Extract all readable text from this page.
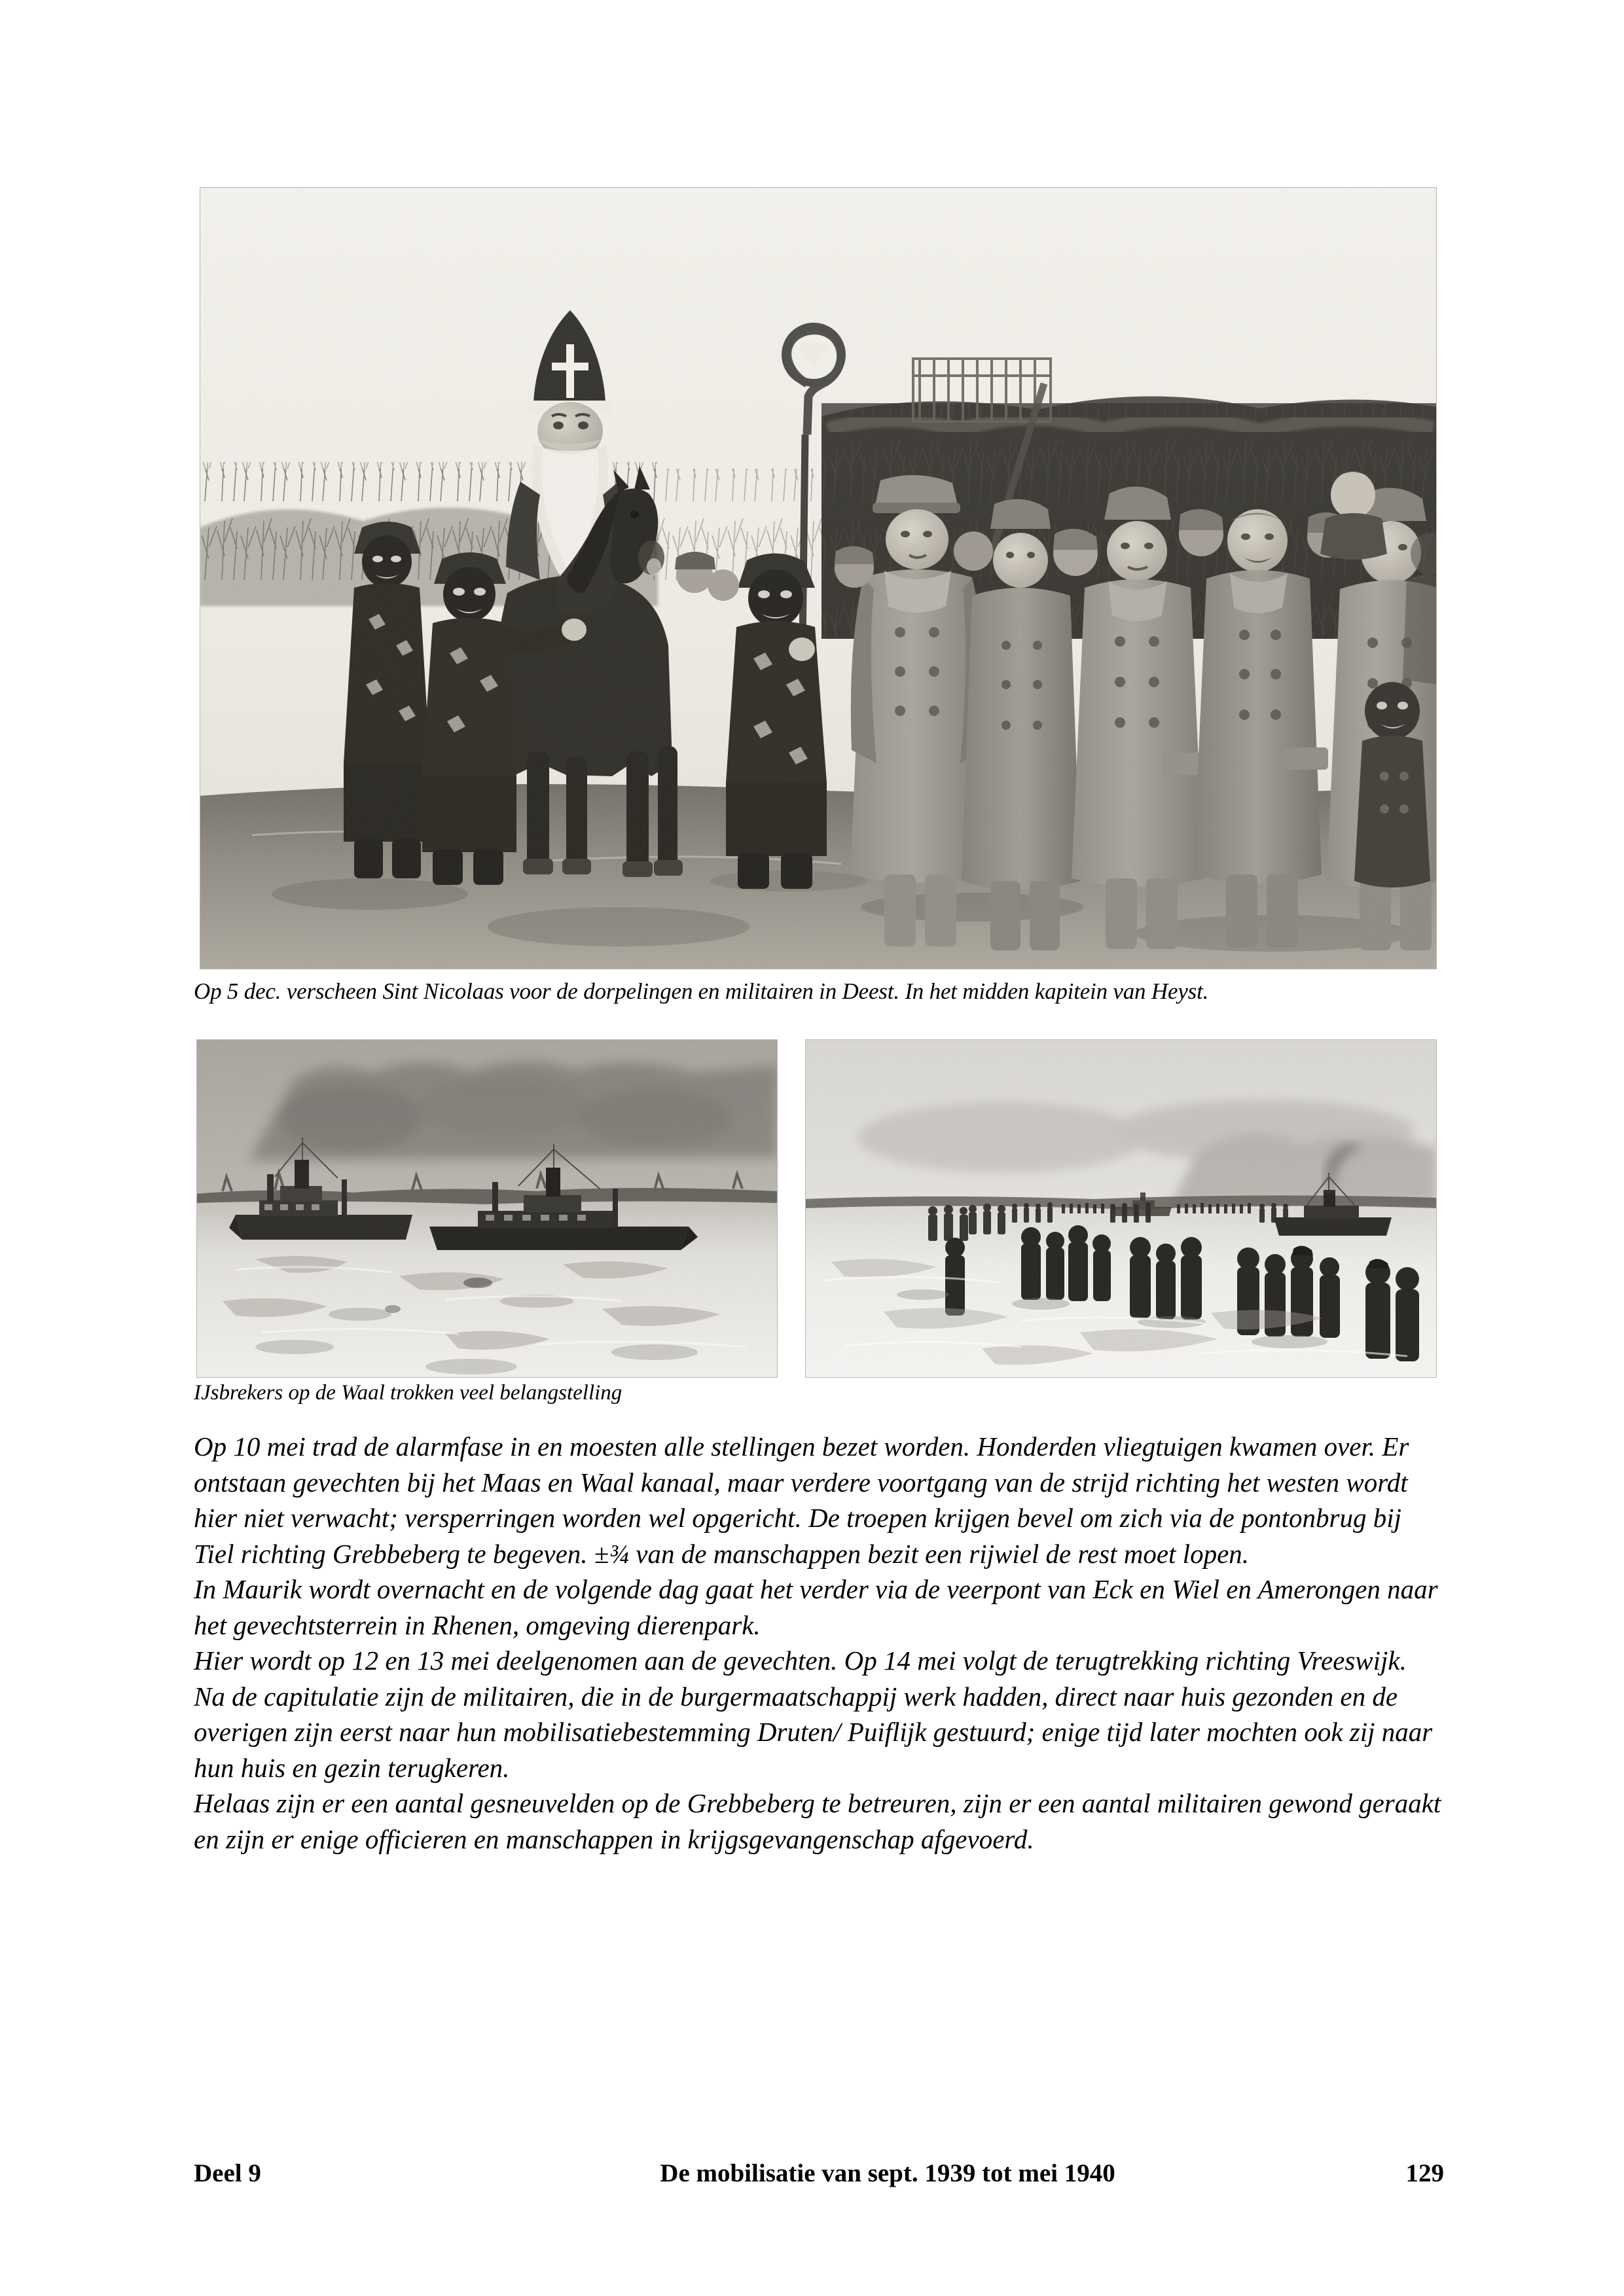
Op 5 dec. verscheen Sint Nicolaas voor de dorpelingen en militairen in Deest. In het midden kapitein van Heyst.
IJsbrekers op de Waal trokken veel belangstelling

Op 10 mei trad de alarmfase in en moesten alle stellingen bezet worden. Honderden vliegtuigen kwamen over. Er ontstaan gevechten bij het Maas en Waal kanaal, maar verdere voortgang van de strijd richting het westen wordt hier niet verwacht; versperringen worden wel opgericht. De troepen krijgen bevel om zich via de pontonbrug bij Tiel richting Grebbeberg te begeven. ±¾ van de manschappen bezit een rijwiel de rest moet lopen.

In Maurik wordt overnacht en de volgende dag gaat het verder via de veerpont van Eck en Wiel en Amerongen naar het gevechtsterrein in Rhenen, omgeving dierenpark.

Hier wordt op 12 en 13 mei deelgenomen aan de gevechten. Op 14 mei volgt de terugtrekking richting Vreeswijk.

Na de capitulatie zijn de militairen, die in de burgermaatschappij werk hadden, direct naar huis gezonden en de overigen zijn eerst naar hun mobilisatiebestemming Druten/ Puiflijk gestuurd; enige tijd later mochten ook zij naar hun huis en gezin terugkeren.

Helaas zijn er een aantal gesneuvelden op de Grebbeberg te betreuren, zijn er een aantal militairen gewond geraakt en zijn er enige officieren en manschappen in krijgsgevangenschap afgevoerd.

Deel 9	De mobilisatie van sept. 1939 tot mei 1940	129
